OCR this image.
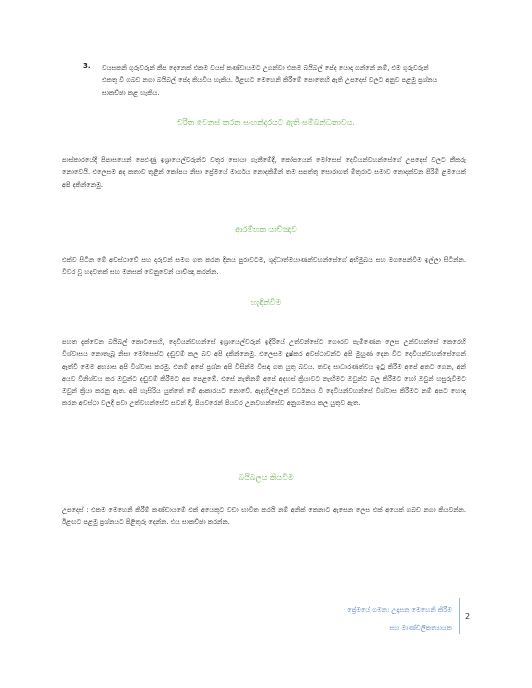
3.	වයසකනි ගුරුවරුන් කීප දෙනෙක් එකම වයස් කණ්ඩායමට උගන්වා එකම බයිබල් පේද යොදා ගන්නේ නම්, එම ගුරුවරුන් එකතු වී ගබඩ නගා බයිබල් පේද කියවිය හැකිය. ඊළඟට මෙහෙනි කිරීමේ පොතෙහි ඇති උපදෙස් වලට අනුව පළමු ප්‍රශ්නය සාකච්ඡා කළ හැකිය.
චරිත වෙනස් කරන සංහන්දරයට ඇති සම්බන්ධතාවය.
පාස්කාරයේදී පිපාසයෙන් පෙළුණු ඉශ්‍රායෙල්වරුන්ට වතුර සොයා ගැනීමේදී, කෝපයෙන් මෝසෙස් දෙවියන්වහන්සේගේ උපදෙස් වලට කීකරු නොවෙයි. එලෙසම අද කතාව තුළින් කෝපය නිසා ප්‍රේමයේ මාර්ගය නොදකිමින් තම සපත්තු සොරාගත් මිතුරාට සමාව නොදක්වන පිරිමි ළමයෙක් අපි දකින්නෙමු.
ආරම්භක යාච්ඤාව
එක්ව සිටින මේ අවස්ථාවේ සහ දරුවන් සමග ගත කරන දිනය පුරාවටම, ශුද්ධාත්මයාණන්වහන්සේගේ අභිමුඛය සහ මගපෙන්වීම ඉල්ලා සිටින්න. විවර වූ හදවතක් සහ මනසක් වෙනුවෙන් යාච්ඤා කරන්න.
හැඳින්වීම
පහත දැක්වෙන බයිබල් කොටසෙහි, දෙවියන්වහන්සේ ඉශ්‍රායෙල්වරුන් ඉදිරියේ උත්වන්සේට ගෞරව පැමිණෙන ලෙස උන්වහන්සේ කෙරෙහි විශ්වාසය නොතැබූ නිසා මෝසෙස්ට දඬුවම් කල බව අපි දකින්නෙමු. එලෙසම දුෂ්කර අවස්ථාවන්ට අපි මුහුණ දෙන විට දෙවියන්වහන්සේගෙන් ඈත්වී මෙම අභ්‍යාස අපි විශ්වාස කරමු. එනම් අපේ ප්‍රශ්න අපි විසින්ම විසඳා ගත යුතු බවය. තවද සාධාරණත්වය ඉටු කිරීම අපේ අතට ගෙන, අන් අයව විනිශ්චය කර ඔවුන්ට දඬුවම් කිරීමට අප පෙළඹේ. එසේ නැතිනම් අපේ අදහස් ක්‍රියාවට නැඟීමට ඔවුන්ට බල කිරීමට හෝ ඔවුන් හසුරුවීමට ඔවුන් ක්‍රියා කරනු ඇත. අපි හැසිරිය යුත්තේ මේ ආකාරයට නොවේ. ඇදහිල්ලෙන් වර්ධනය වී දෙවියන්වහන්සේ විශ්වාස කිරීමට නම් අපට හොඳ කරන අවස්ථා වලදී පවා උත්වහන්සේට සවන් දී, පියවරෙන් පියවර උනවහන්සේව අනුගමනය කල යුතුව ඇත.
බයිබලය කියවීම
උපදෙස් : එකම මෙහෙනි කිරීම් කණ්ඩායමේ එක් අයෙකුට වඩා භාවිත කරයි නම් අනික් කෙනාට ඇසෙන ලෙස එක් අයෙක් ගබඩ නගා කියවන්න. ඊළඟට පළමු ප්‍රශ්නයට පිළිතුරු දෙන්න. එය සාකච්ඡා කරන්න.
ප්‍රේමයේ ගමන: උදෑසන මෙහෙනි කිරීම
සහ මාණ්ඩලිකත්‍යායක
2
